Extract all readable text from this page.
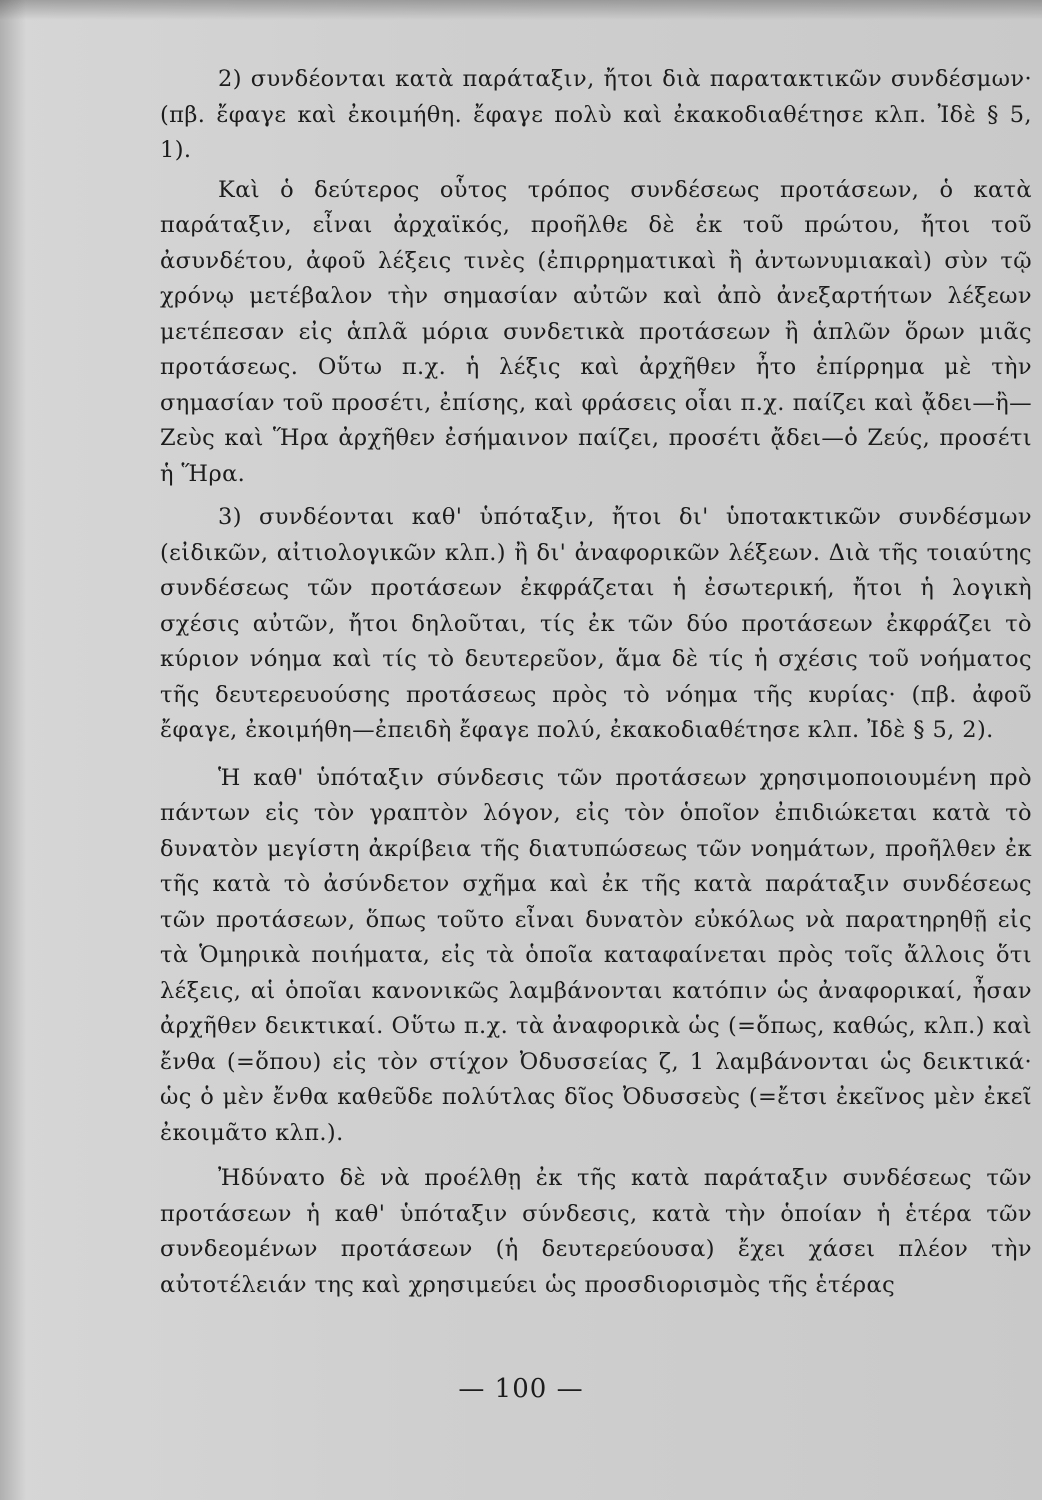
2) συνδέονται κατὰ παράταξιν, ἤτοι διὰ παρατακτικῶν συνδέσμων· (πβ. ἔφαγε καὶ ἐκοιμήθη. ἔφαγε πολὺ καὶ ἐκακοδιαθέτησε κλπ. Ἰδὲ § 5, 1).

Καὶ ὁ δεύτερος οὗτος τρόπος συνδέσεως προτάσεων, ὁ κατὰ παράταξιν, εἶναι ἀρχαϊκός, προῆλθε δὲ ἐκ τοῦ πρώτου, ἤτοι τοῦ ἀσυνδέτου, ἀφοῦ λέξεις τινὲς (ἐπιρρηματικαὶ ἢ ἀντωνυμιακαὶ) σὺν τῷ χρόνῳ μετέβαλον τὴν σημασίαν αὐτῶν καὶ ἀπὸ ἀνεξαρτήτων λέξεων μετέπεσαν εἰς ἁπλᾶ μόρια συνδετικὰ προτάσεων ἢ ἁπλῶν ὅρων μιᾶς προτάσεως. Οὕτω π.χ. ἡ λέξις καὶ ἀρχῆθεν ἦτο ἐπίρρημα μὲ τὴν σημασίαν τοῦ προσέτι, ἐπίσης, καὶ φράσεις οἷαι π.χ. παίζει καὶ ᾄδει—ἢ—Ζεὺς καὶ Ἥρα ἀρχῆθεν ἐσήμαινον παίζει, προσέτι ᾄδει—ὁ Ζεύς, προσέτι ἡ Ἥρα.

3) συνδέονται καθ' ὑπόταξιν, ἤτοι δι' ὑποτακτικῶν συνδέσμων (εἰδικῶν, αἰτιολογικῶν κλπ.) ἢ δι' ἀναφορικῶν λέξεων. Διὰ τῆς τοιαύτης συνδέσεως τῶν προτάσεων ἐκφράζεται ἡ ἐσωτερική, ἤτοι ἡ λογικὴ σχέσις αὐτῶν, ἤτοι δηλοῦται, τίς ἐκ τῶν δύο προτάσεων ἐκφράζει τὸ κύριον νόημα καὶ τίς τὸ δευτερεῦον, ἅμα δὲ τίς ἡ σχέσις τοῦ νοήματος τῆς δευτερευούσης προτάσεως πρὸς τὸ νόημα τῆς κυρίας· (πβ. ἀφοῦ ἔφαγε, ἐκοιμήθη—ἐπειδὴ ἔφαγε πολύ, ἐκακοδιαθέτησε κλπ. Ἰδὲ § 5, 2).

Ἡ καθ' ὑπόταξιν σύνδεσις τῶν προτάσεων χρησιμοποιουμένη πρὸ πάντων εἰς τὸν γραπτὸν λόγον, εἰς τὸν ὁποῖον ἐπιδιώκεται κατὰ τὸ δυνατὸν μεγίστη ἀκρίβεια τῆς διατυπώσεως τῶν νοημάτων, προῆλθεν ἐκ τῆς κατὰ τὸ ἀσύνδετον σχῆμα καὶ ἐκ τῆς κατὰ παράταξιν συνδέσεως τῶν προτάσεων, ὅπως τοῦτο εἶναι δυνατὸν εὐκόλως νὰ παρατηρηθῇ εἰς τὰ Ὁμηρικὰ ποιήματα, εἰς τὰ ὁποῖα καταφαίνεται πρὸς τοῖς ἄλλοις ὅτι λέξεις, αἱ ὁποῖαι κανονικῶς λαμβάνονται κατόπιν ὡς ἀναφορικαί, ἦσαν ἀρχῆθεν δεικτικαί. Οὕτω π.χ. τὰ ἀναφορικὰ ὡς (=ὅπως, καθώς, κλπ.) καὶ ἔνθα (=ὅπου) εἰς τὸν στίχον Ὀδυσσείας ζ, 1 λαμβάνονται ὡς δεικτικά· ὡς ὁ μὲν ἔνθα καθεῦδε πολύτλας δῖος Ὀδυσσεὺς (=ἔτσι ἐκεῖνος μὲν ἐκεῖ ἐκοιμᾶτο κλπ.).

Ἠδύνατο δὲ νὰ προέλθῃ ἐκ τῆς κατὰ παράταξιν συνδέσεως τῶν προτάσεων ἡ καθ' ὑπόταξιν σύνδεσις, κατὰ τὴν ὁποίαν ἡ ἑτέρα τῶν συνδεομένων προτάσεων (ἡ δευτερεύουσα) ἔχει χάσει πλέον τὴν αὐτοτέλειάν της καὶ χρησιμεύει ὡς προσδιορισμὸς τῆς ἑτέρας

— 100 —
